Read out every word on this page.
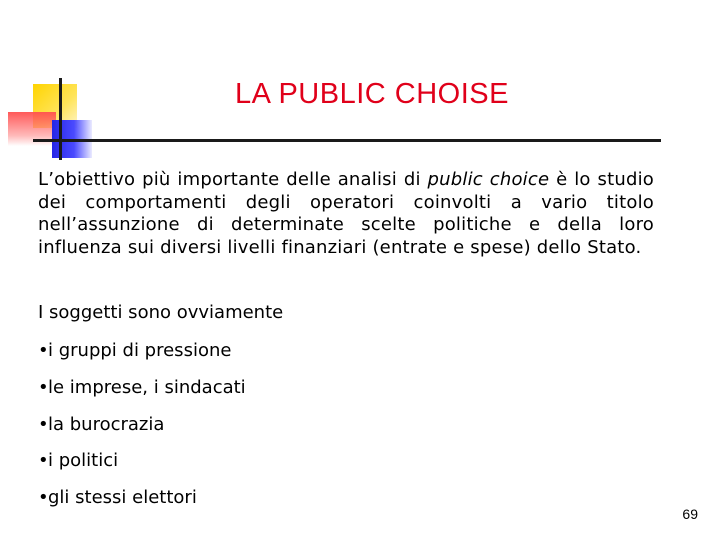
LA PUBLIC CHOISE
L’obiettivo più importante delle analisi di public choice è lo studio dei comportamenti degli operatori coinvolti a vario titolo nell’assunzione di determinate scelte politiche e della loro influenza sui diversi livelli finanziari (entrate e spese) dello Stato.
I soggetti sono ovviamente
•i gruppi di pressione
•le imprese, i sindacati
•la burocrazia
•i politici
•gli stessi elettori
69
